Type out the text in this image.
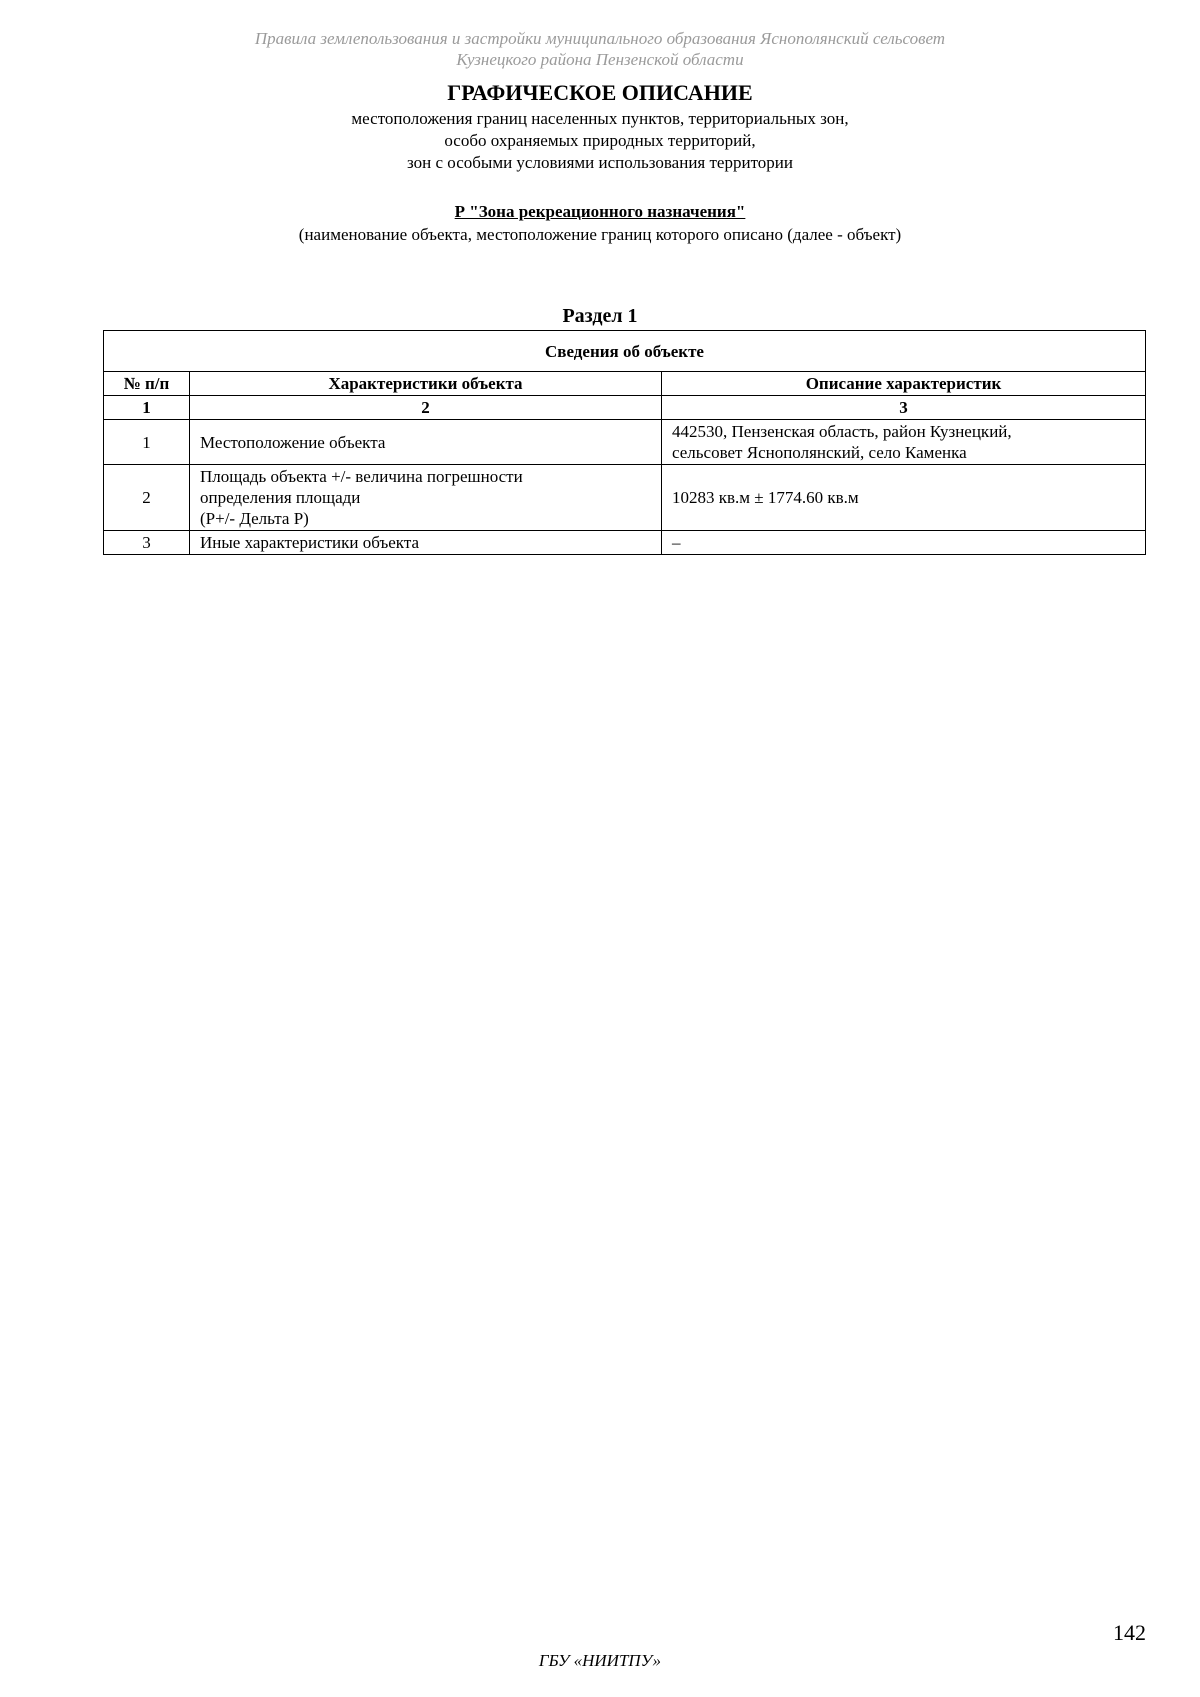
Правила землепользования и застройки муниципального образования Яснополянский сельсовет
Кузнецкого района Пензенской области
ГРАФИЧЕСКОЕ ОПИСАНИЕ
местоположения границ населенных пунктов, территориальных зон,
особо охраняемых природных территорий,
зон с особыми условиями использования территории
Р "Зона рекреационного назначения"
(наименование объекта, местоположение границ которого описано (далее - объект)
Раздел 1
Сведения об объекте		
№ п/п	Характеристики объекта	Описание характеристик
1	2	3
1	Местоположение объекта	442530, Пензенская область, район Кузнецкий,
сельсовет Яснополянский, село Каменка

2	Площадь объекта +/- величина погрешности
определения площади
(Р+/- Дельта Р)	10283 кв.м ± 1774.60 кв.м

3	Иные характеристики объекта	–
142
ГБУ «НИИТПУ»
